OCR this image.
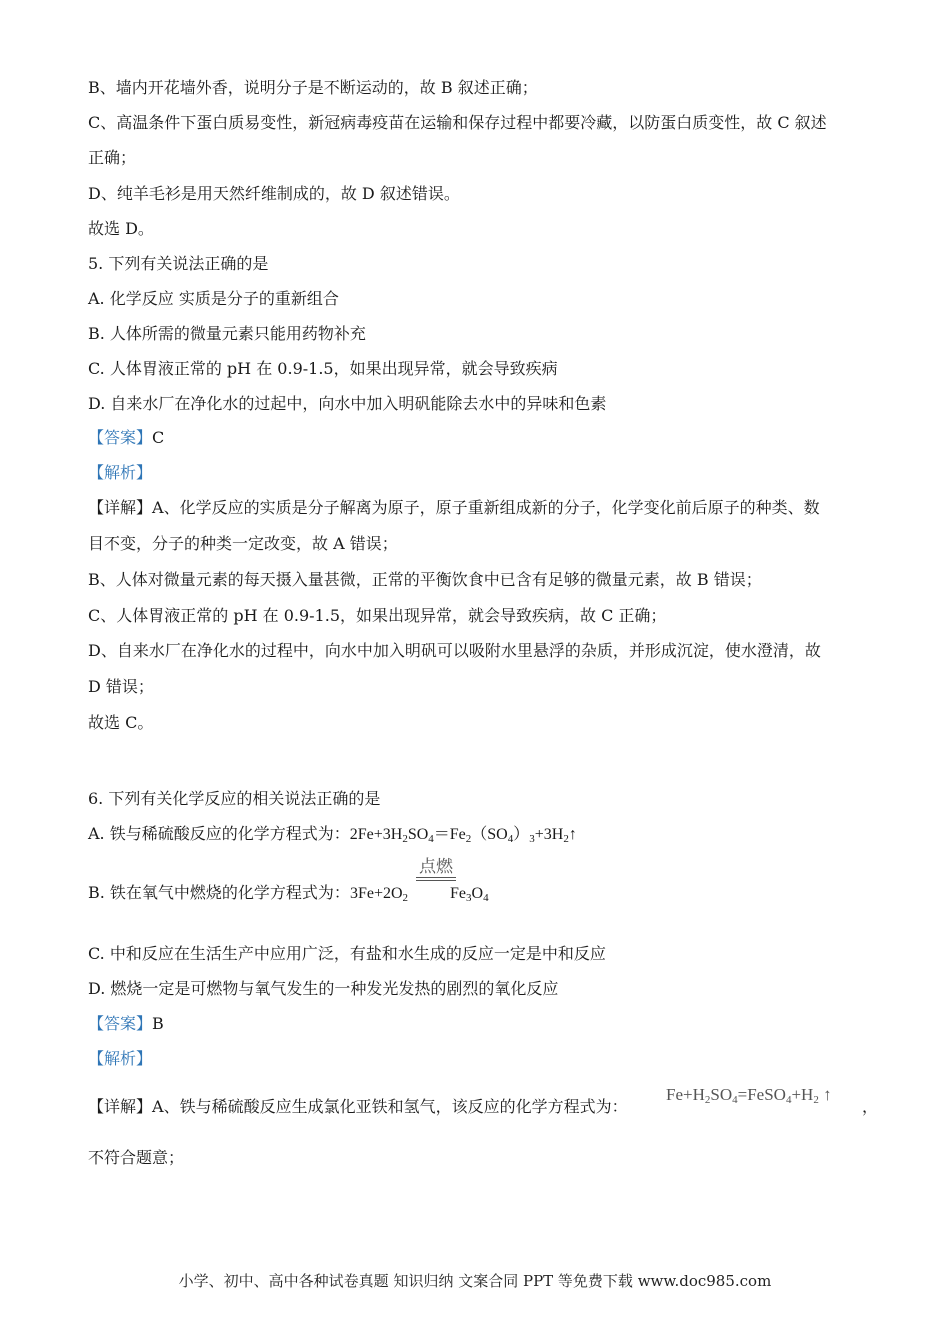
B、墙内开花墙外香，说明分子是不断运动的，故 B 叙述正确；
C、高温条件下蛋白质易变性，新冠病毒疫苗在运输和保存过程中都要冷藏，以防蛋白质变性，故 C 叙述
正确；
D、纯羊毛衫是用天然纤维制成的，故 D 叙述错误。
故选 D。
5. 下列有关说法正确的是
A. 化学反应 实质是分子的重新组合
B. 人体所需的微量元素只能用药物补充
C. 人体胃液正常的 pH 在 0.9-1.5，如果出现异常，就会导致疾病
D. 自来水厂在净化水的过起中，向水中加入明矾能除去水中的异味和色素
【答案】C
【解析】
【详解】A、化学反应的实质是分子解离为原子，原子重新组成新的分子，化学变化前后原子的种类、数
目不变，分子的种类一定改变，故 A 错误；
B、人体对微量元素的每天摄入量甚微，正常的平衡饮食中已含有足够的微量元素，故 B 错误；
C、人体胃液正常的 pH 在 0.9-1.5，如果出现异常，就会导致疾病，故 C 正确；
D、自来水厂在净化水的过程中，向水中加入明矾可以吸附水里悬浮的杂质，并形成沉淀，使水澄清，故
D 错误；
故选 C。
6. 下列有关化学反应的相关说法正确的是
A. 铁与稀硫酸反应的化学方程式为：$2Fe+3H_2SO_4=Fe_2(SO_4)_3+3H_2↑$
B. 铁在氧气中燃烧的化学方程式为：$3Fe+2O_2$	$Fe_3O_4$
点燃
C. 中和反应在生活生产中应用广泛，有盐和水生成的反应一定是中和反应
D. 燃烧一定是可燃物与氧气发生的一种发光发热的剧烈的氧化反应
【答案】B
【解析】
【详解】A、铁与稀硫酸反应生成氯化亚铁和氢气，该反应的化学方程式为：
$Fe+H_2SO_4=FeSO_4+H_2$ ↑
，
不符合题意；
小学、初中、高中各种试卷真题 知识归纳 文案合同 PPT 等免费下载 www.doc985.com
